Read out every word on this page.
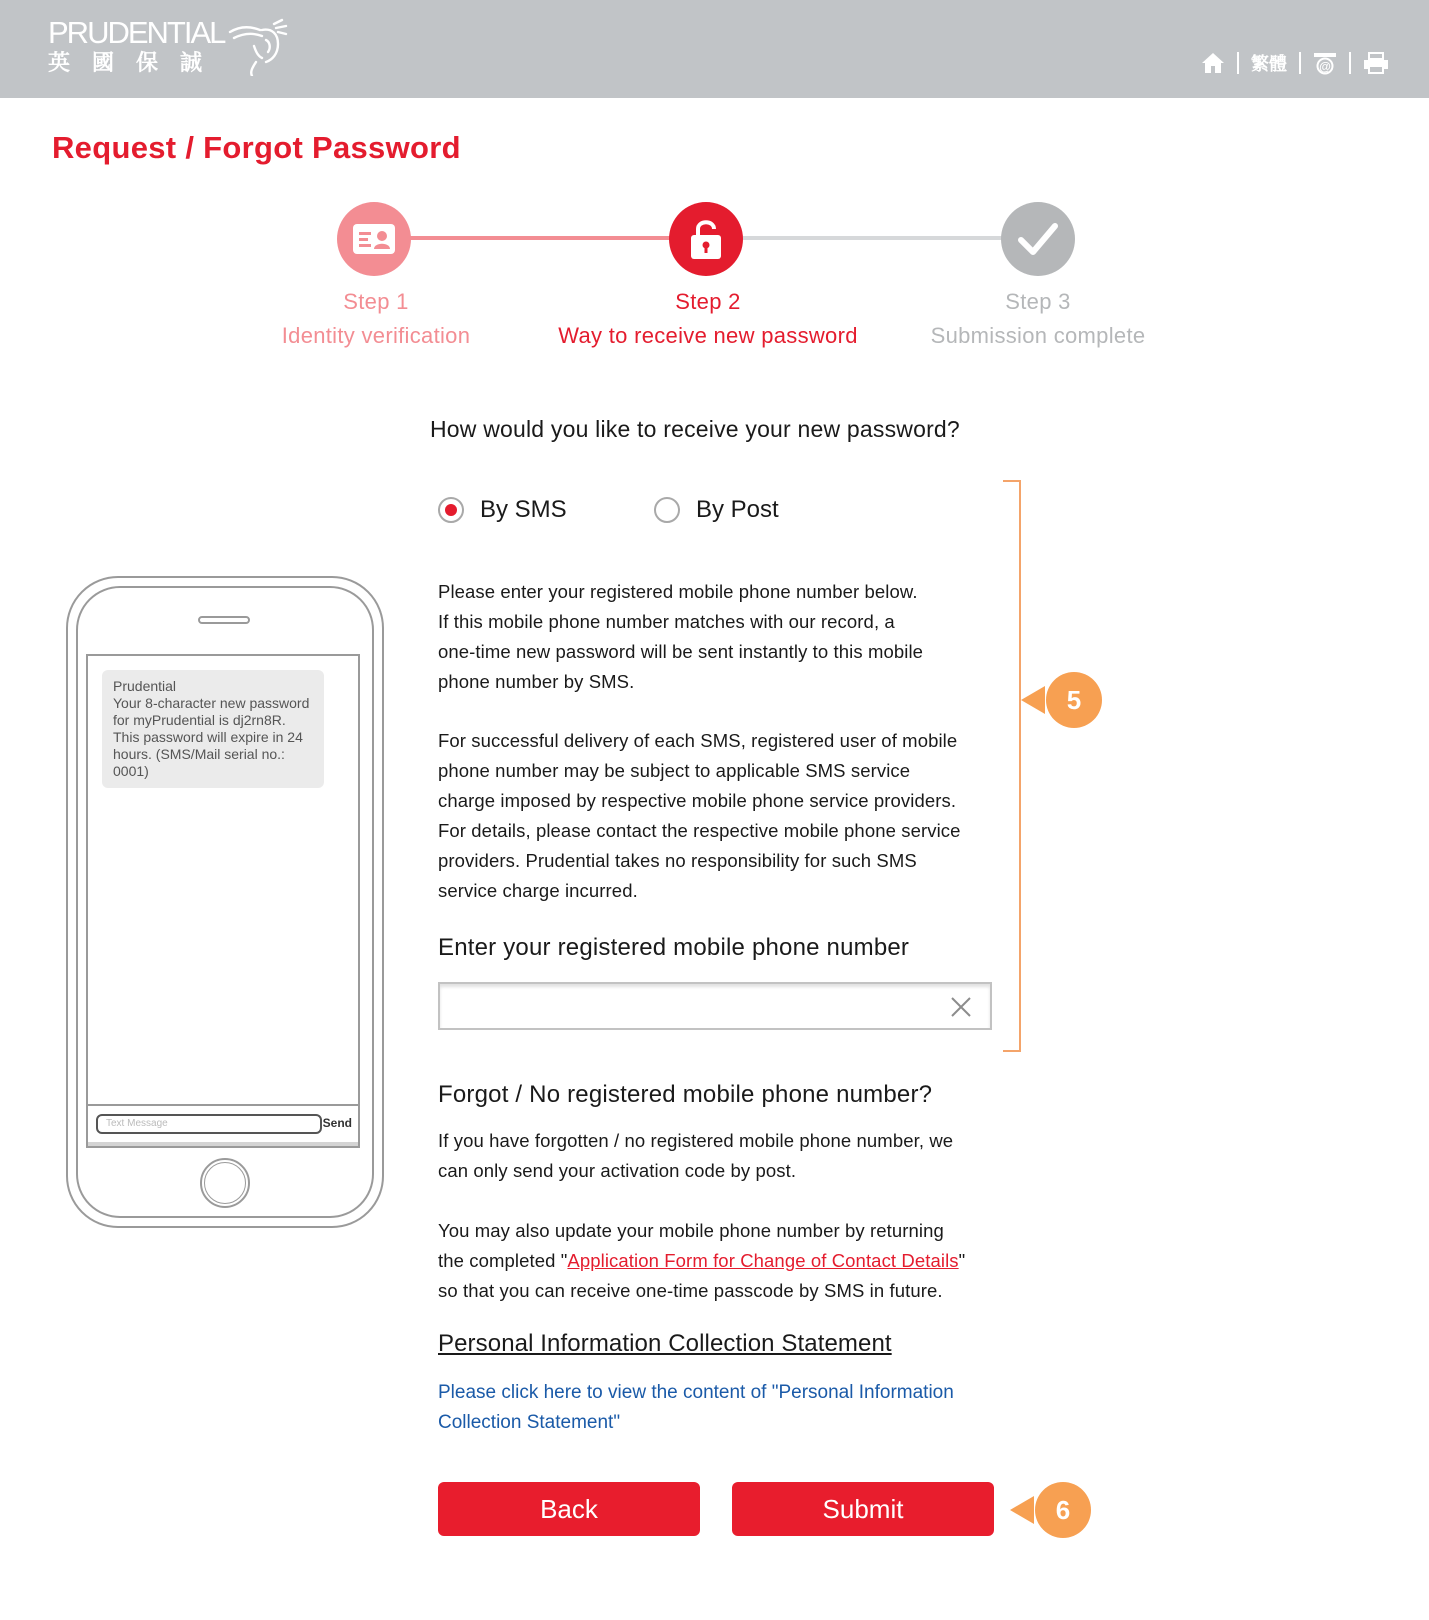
PRUDENTIAL
英國保誠	繁體	@
Request / Forgot Password
Step 1
Identity verification
Step 2
Way to receive new password
Step 3
Submission complete
How would you like to receive your new password?
By SMS	By Post
Please enter your registered mobile phone number below.
If this mobile phone number matches with our record, a
one-time new password will be sent instantly to this mobile
phone number by SMS.
For successful delivery of each SMS, registered user of mobile
phone number may be subject to applicable SMS service
charge imposed by respective mobile phone service providers.
For details, please contact the respective mobile phone service
providers. Prudential takes no responsibility for such SMS
service charge incurred.
Enter your registered mobile phone number
Forgot / No registered mobile phone number?
If you have forgotten / no registered mobile phone number, we
can only send your activation code by post.
You may also update your mobile phone number by returning
the completed "Application Form for Change of Contact Details"
so that you can receive one-time passcode by SMS in future.
Personal Information Collection Statement
Please click here to view the content of "Personal Information Collection Statement"
Back	Submit
5
6
Prudential
Your 8-character new password for myPrudential is dj2rn8R. This password will expire in 24 hours. (SMS/Mail serial no.: 0001)
Text Message	Send
